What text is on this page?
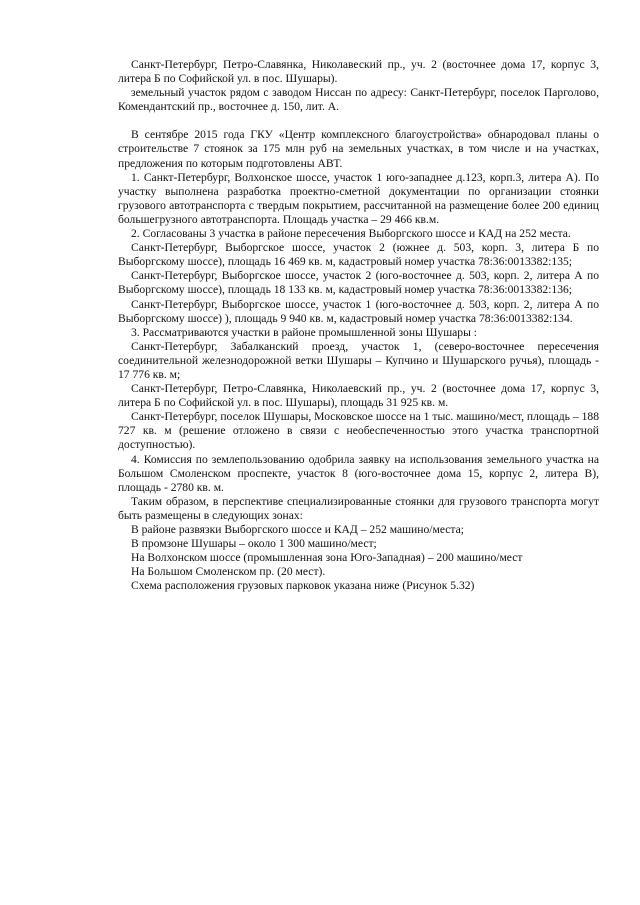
Санкт-Петербург, Петро-Славянка, Николавеский пр., уч. 2 (восточнее дома 17, корпус 3, литера Б по Софийской ул. в пос. Шушары).

земельный участок рядом с заводом Ниссан по адресу: Санкт-Петербург, поселок Парголово, Комендантский пр., восточнее д. 150, лит. А.

В сентябре 2015 года ГКУ «Центр комплексного благоустройства» обнародовал планы о строительстве 7 стоянок за 175 млн руб на земельных участках, в том числе и на участках, предложения по которым подготовлены АВТ.

1. Санкт-Петербург, Волхонское шоссе, участок 1 юго-западнее д.123, корп.3, литера А). По участку выполнена разработка проектно-сметной документации по организации стоянки грузового автотранспорта с твердым покрытием, рассчитанной на размещение более 200 единиц большегрузного автотранспорта. Площадь участка – 29 466 кв.м.

2. Согласованы 3 участка в районе пересечения Выборгского шоссе и КАД на 252 места.

Санкт-Петербург, Выборгское шоссе, участок 2 (южнее д. 503, корп. 3, литера Б по Выборгскому шоссе), площадь 16 469 кв. м, кадастровый номер участка 78:36:0013382:135;

Санкт-Петербург, Выборгское шоссе, участок 2 (юго-восточнее д. 503, корп. 2, литера А по Выборгскому шоссе), площадь 18 133 кв. м, кадастровый номер участка 78:36:0013382:136;

Санкт-Петербург, Выборгское шоссе, участок 1 (юго-восточнее д. 503, корп. 2, литера А по Выборгскому шоссе) ), площадь 9 940 кв. м, кадастровый номер участка 78:36:0013382:134.

3. Рассматриваются участки в районе промышленной зоны Шушары :

Санкт-Петербург, Забалканский проезд, участок 1, (северо-восточнее пересечения соединительной железнодорожной ветки Шушары – Купчино и Шушарского ручья), площадь - 17 776 кв. м;

Санкт-Петербург, Петро-Славянка, Николаевский пр., уч. 2 (восточнее дома 17, корпус 3, литера Б по Софийской ул. в пос. Шушары), площадь 31 925 кв. м.

Санкт-Петербург, поселок Шушары, Московское шоссе на 1 тыс. машино/мест, площадь – 188 727 кв. м (решение отложено в связи с необеспеченностью этого участка транспортной доступностью).

4. Комиссия по землепользованию одобрила заявку на использования земельного участка на Большом Смоленском проспекте, участок 8 (юго-восточнее дома 15, корпус 2, литера В), площадь - 2780 кв. м.

Таким образом, в перспективе специализированные стоянки для грузового транспорта могут быть размещены в следующих зонах:

В районе развязки Выборгского шоссе и КАД – 252 машино/места;

В промзоне Шушары – около 1 300 машино/мест;

На Волхонском шоссе (промышленная зона Юго-Западная) – 200 машино/мест

На Большом Смоленском пр. (20 мест).

Схема расположения грузовых парковок указана ниже (Рисунок 5.32)
